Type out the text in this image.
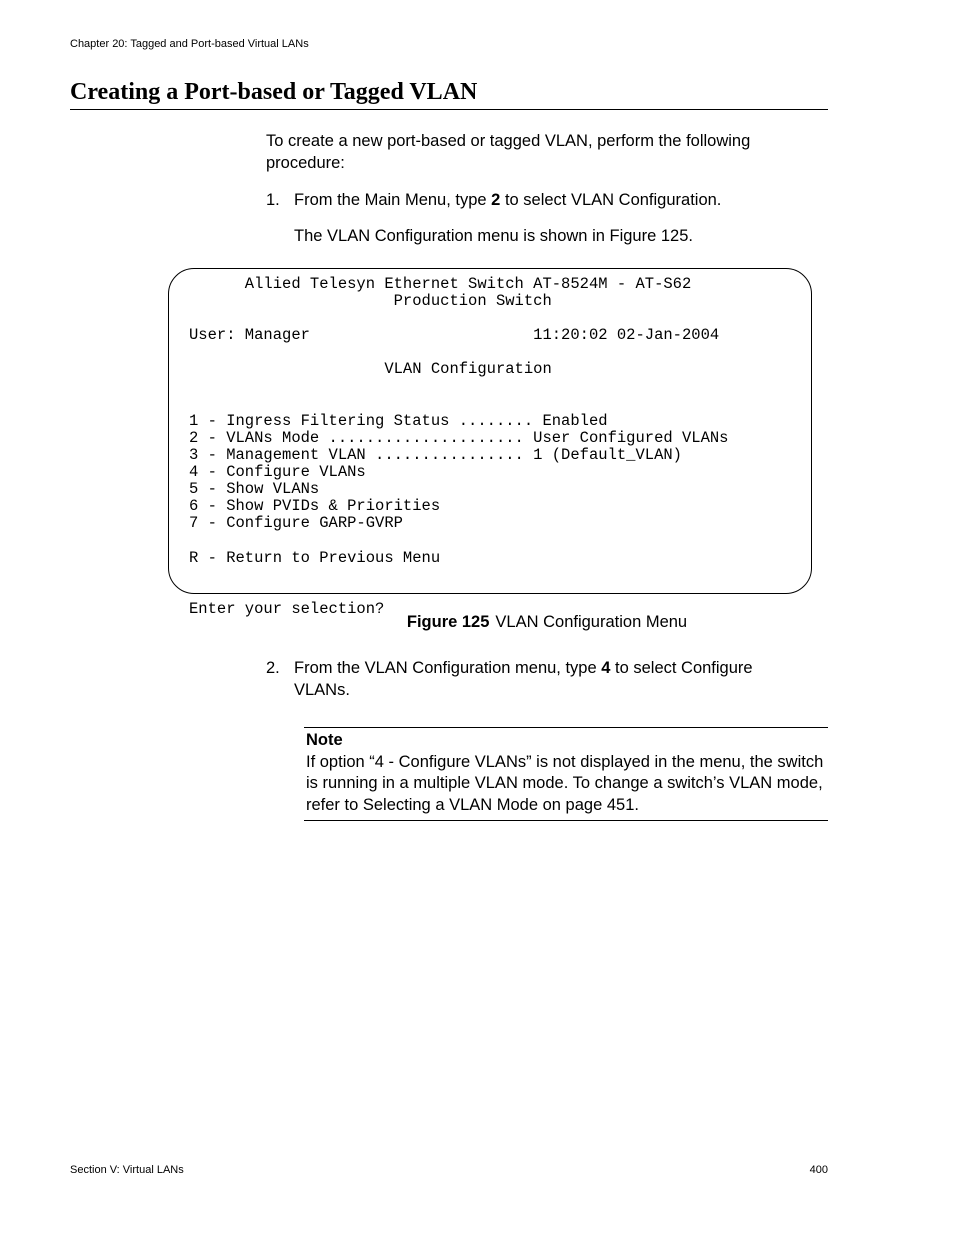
Chapter 20: Tagged and Port-based Virtual LANs
Creating a Port-based or Tagged VLAN
To create a new port-based or tagged VLAN, perform the following procedure:
1. From the Main Menu, type 2 to select VLAN Configuration.
The VLAN Configuration menu is shown in Figure 125.
Allied Telesyn Ethernet Switch AT-8524M - AT-S62
Production Switch
User: Manager                        11:20:02 02-Jan-2004
VLAN Configuration
1 - Ingress Filtering Status ........ Enabled
2 - VLANs Mode ..................... User Configured VLANs
3 - Management VLAN ................ 1 (Default_VLAN)
4 - Configure VLANs
5 - Show VLANs
6 - Show PVIDs & Priorities
7 - Configure GARP-GVRP
R - Return to Previous Menu
Enter your selection?
Figure 125 VLAN Configuration Menu
2. From the VLAN Configuration menu, type 4 to select Configure
VLANs.
Note
If option “4 - Configure VLANs” is not displayed in the menu, the switch is running in a multiple VLAN mode. To change a switch’s VLAN mode, refer to Selecting a VLAN Mode on page 451.
Section V: Virtual LANs	400
